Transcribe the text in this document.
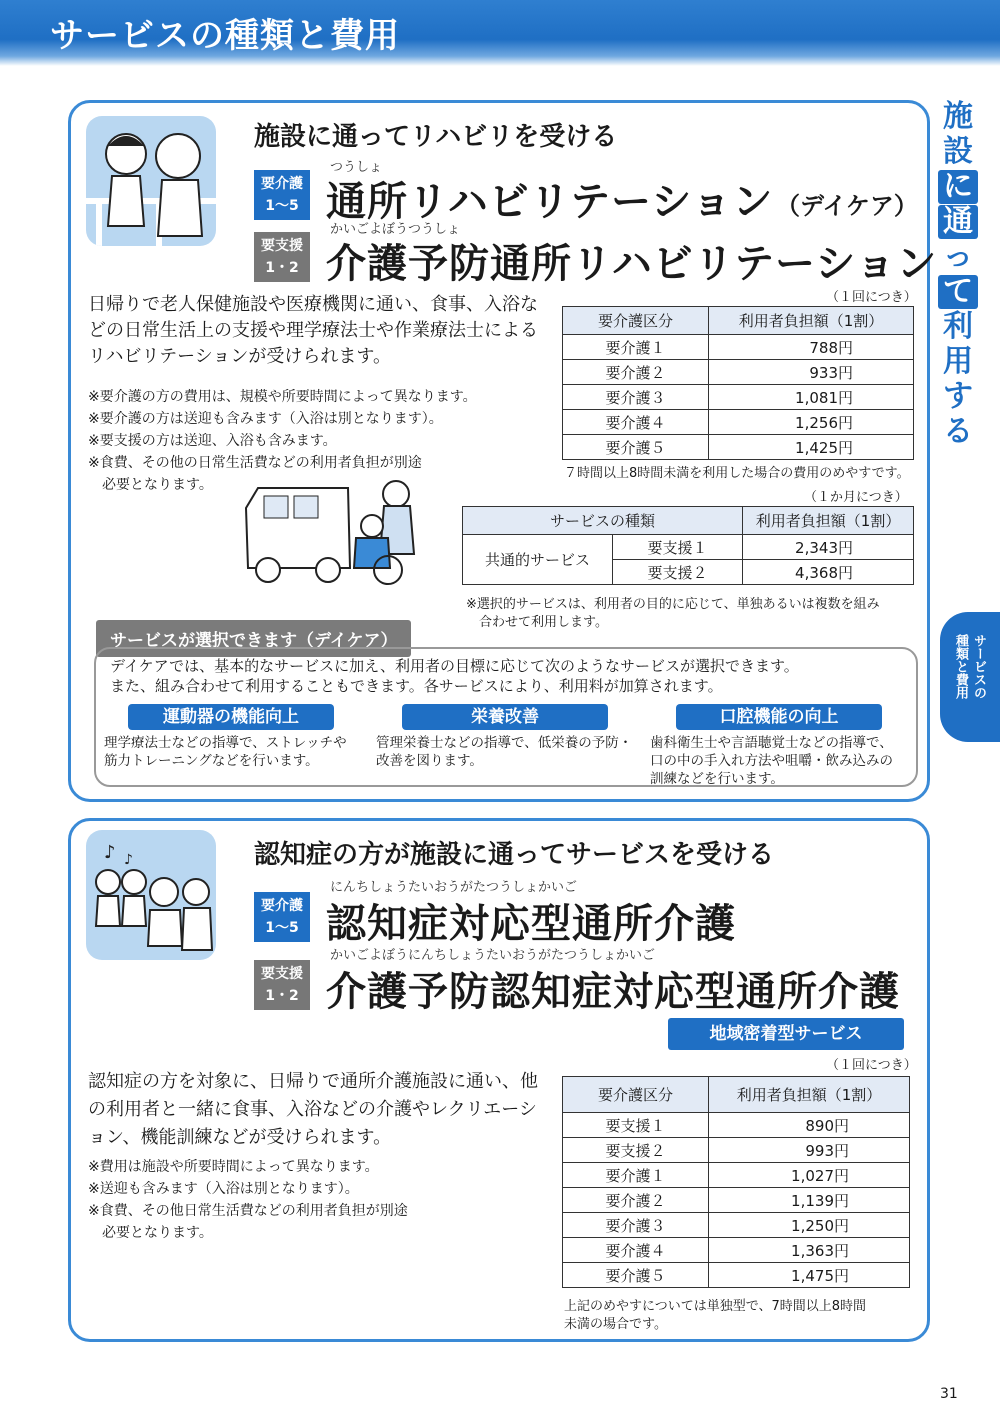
サービスの種類と費用
施
設
に
通
っ
て
利
用
す
る
サービスの
種類と費用
施設に通ってリハビリを受ける
要介護
1〜5
つうしょ
通所リハビリテーション （デイケア）
要支援
1・2
かいごよぼうつうしょ
介護予防通所リハビリテーション
日帰りで老人保健施設や医療機関に通い、食事、入浴などの日常生活上の支援や理学療法士や作業療法士によるリハビリテーションが受けられます。
※要介護の方の費用は、規模や所要時間によって異なります。
※要介護の方は送迎も含みます（入浴は別となります）。
※要支援の方は送迎、入浴も含みます。
※食費、その他の日常生活費などの利用者負担が別途
　必要となります。
（１回につき）
要介護区分	利用者負担額（1割）
要介護１	788円
要介護２	933円
要介護３	1,081円
要介護４	1,256円
要介護５	1,425円
７時間以上8時間未満を利用した場合の費用のめやすです。
（１か月につき）
サービスの種類		利用者負担額（1割）
共通的サービス	要支援１	2,343円
	要支援２	4,368円
※選択的サービスは、利用者の目的に応じて、単独あるいは複数を組み
　合わせて利用します。
サービスが選択できます（デイケア）
デイケアでは、基本的なサービスに加え、利用者の目標に応じて次のようなサービスが選択できます。
また、組み合わせて利用することもできます。各サービスにより、利用料が加算されます。
運動器の機能向上	栄養改善	口腔機能の向上
理学療法士などの指導で、ストレッチや
筋力トレーニングなどを行います。
管理栄養士などの指導で、低栄養の予防・
改善を図ります。
歯科衛生士や言語聴覚士などの指導で、
口の中の手入れ方法や咀嚼・飲み込みの
訓練などを行います。
♪ ♪	認知症の方が施設に通ってサービスを受ける
要介護
1〜5
にんちしょうたいおうがたつうしょかいご
認知症対応型通所介護
要支援
1・2
かいごよぼうにんちしょうたいおうがたつうしょかいご
介護予防認知症対応型通所介護
地域密着型サービス
認知症の方を対象に、日帰りで通所介護施設に通い、他の利用者と一緒に食事、入浴などの介護やレクリエーション、機能訓練などが受けられます。
※費用は施設や所要時間によって異なります。
※送迎も含みます（入浴は別となります）。
※食費、その他日常生活費などの利用者負担が別途
　必要となります。
（１回につき）
要介護区分	利用者負担額（1割）
要支援１	890円
要支援２	993円
要介護１	1,027円
要介護２	1,139円
要介護３	1,250円
要介護４	1,363円
要介護５	1,475円
上記のめやすについては単独型で、7時間以上8時間
未満の場合です。
31
